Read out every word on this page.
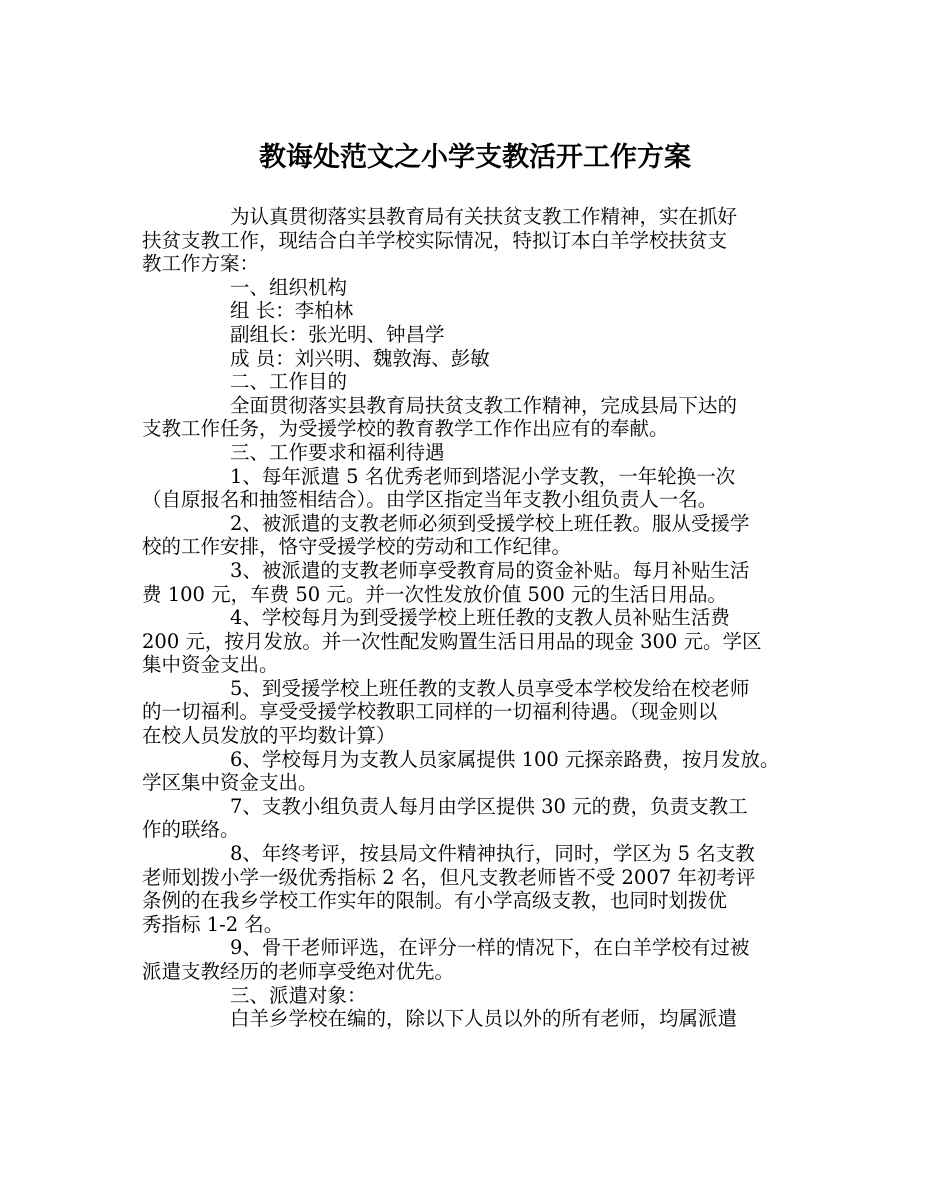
教诲处范文之小学支教活开工作方案

为认真贯彻落实县教育局有关扶贫支教工作精神，实在抓好

扶贫支教工作，现结合白羊学校实际情况，特拟订本白羊学校扶贫支

教工作方案：

一、组织机构

组 长：李柏林

副组长：张光明、钟昌学

成 员：刘兴明、魏敦海、彭敏

二、工作目的

全面贯彻落实县教育局扶贫支教工作精神，完成县局下达的

支教工作任务，为受援学校的教育教学工作作出应有的奉献。

三、工作要求和福利待遇

1、每年派遣 5 名优秀老师到塔泥小学支教，一年轮换一次

（自原报名和抽签相结合）。由学区指定当年支教小组负责人一名。

2、被派遣的支教老师必须到受援学校上班任教。服从受援学

校的工作安排，恪守受援学校的劳动和工作纪律。

3、被派遣的支教老师享受教育局的资金补贴。每月补贴生活

费 100 元，车费 50 元。并一次性发放价值 500 元的生活日用品。

4、学校每月为到受援学校上班任教的支教人员补贴生活费

200 元，按月发放。并一次性配发购置生活日用品的现金 300 元。学区

集中资金支出。

5、到受援学校上班任教的支教人员享受本学校发给在校老师

的一切福利。享受受援学校教职工同样的一切福利待遇。（现金则以

在校人员发放的平均数计算）

6、学校每月为支教人员家属提供 100 元探亲路费，按月发放。

学区集中资金支出。

7、支教小组负责人每月由学区提供 30 元的费，负责支教工

作的联络。

8、年终考评，按县局文件精神执行，同时，学区为 5 名支教

老师划拨小学一级优秀指标 2 名，但凡支教老师皆不受 2007 年初考评

条例的在我乡学校工作实年的限制。有小学高级支教，也同时划拨优

秀指标 1-2 名。

9、骨干老师评选，在评分一样的情况下，在白羊学校有过被

派遣支教经历的老师享受绝对优先。

三、派遣对象：

白羊乡学校在编的，除以下人员以外的所有老师，均属派遣
